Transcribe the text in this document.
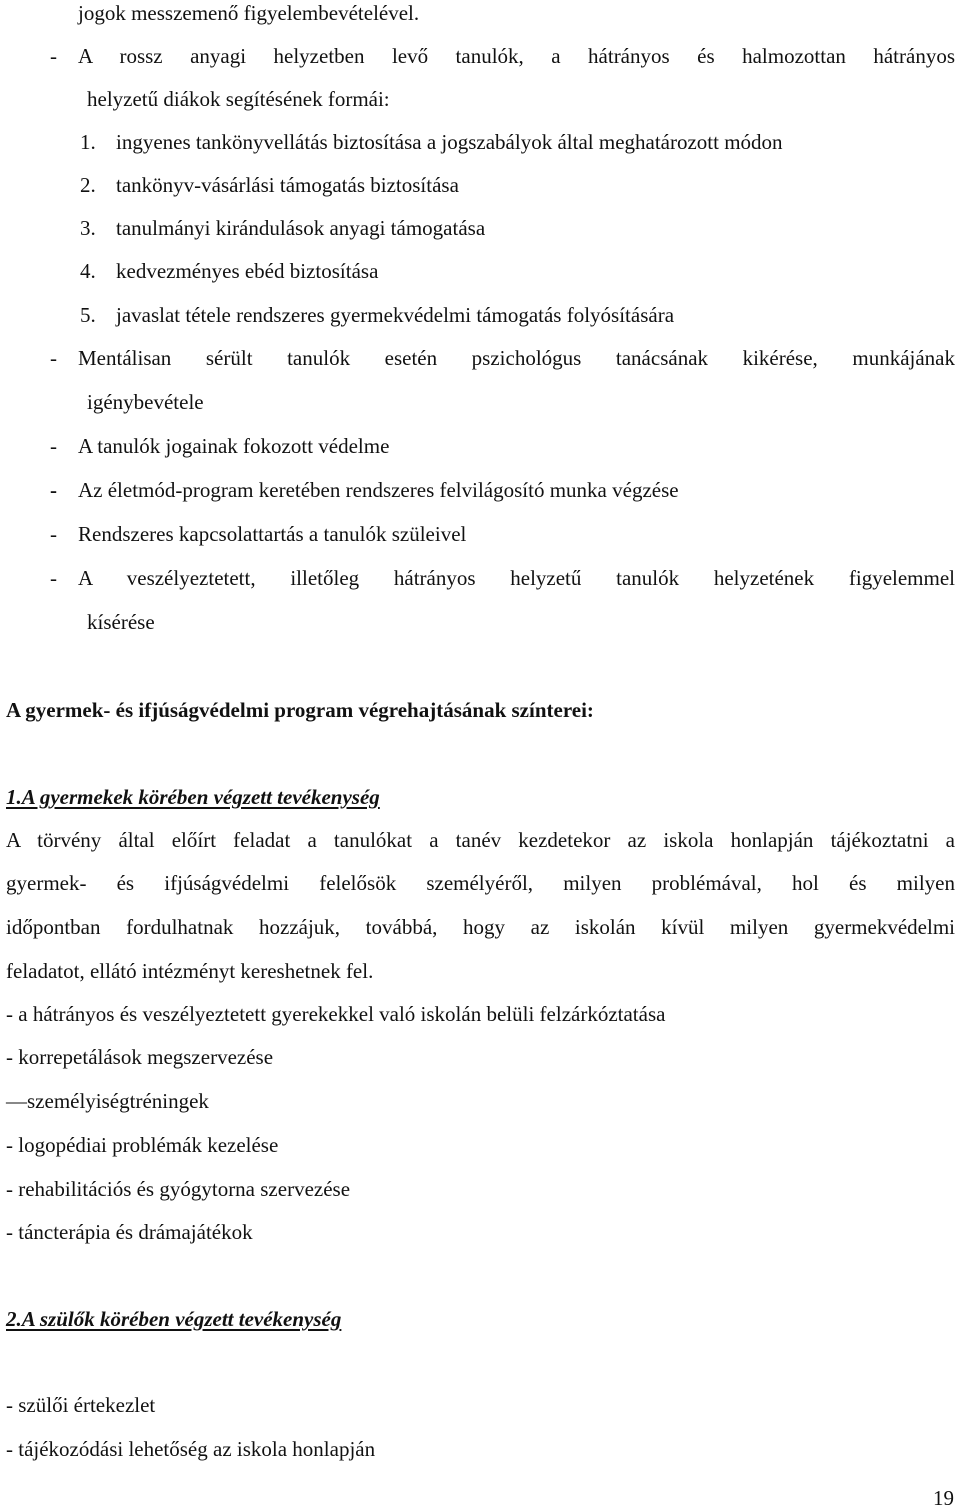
jogok messzemenő figyelembevételével.
- A rossz anyagi helyzetben levő tanulók, a hátrányos és halmozottan hátrányos
helyzetű diákok segítésének formái:
1. ingyenes tankönyvellátás biztosítása a jogszabályok által meghatározott módon
2. tankönyv-vásárlási támogatás biztosítása
3. tanulmányi kirándulások anyagi támogatása
4. kedvezményes ebéd biztosítása
5. javaslat tétele rendszeres gyermekvédelmi támogatás folyósítására
- Mentálisan sérült tanulók esetén pszichológus tanácsának kikérése, munkájának
igénybevétele
- A tanulók jogainak fokozott védelme
- Az életmód-program keretében rendszeres felvilágosító munka végzése
- Rendszeres kapcsolattartás a tanulók szüleivel
- A veszélyeztetett, illetőleg hátrányos helyzetű tanulók helyzetének figyelemmel
kísérése
A gyermek- és ifjúságvédelmi program végrehajtásának színterei:
1.A gyermekek körében végzett tevékenység
A törvény által előírt feladat a tanulókat a tanév kezdetekor az iskola honlapján tájékoztatni a
gyermek- és ifjúságvédelmi felelősök személyéről, milyen problémával, hol és milyen
időpontban fordulhatnak hozzájuk, továbbá, hogy az iskolán kívül milyen gyermekvédelmi
feladatot, ellátó intézményt kereshetnek fel.
- a hátrányos és veszélyeztetett gyerekekkel való iskolán belüli felzárkóztatása
- korrepetálások megszervezése
—személyiségtréningek
- logopédiai problémák kezelése
- rehabilitációs és gyógytorna szervezése
- táncterápia és drámajátékok
2.A szülők körében végzett tevékenység
- szülői értekezlet
- tájékozódási lehetőség az iskola honlapján
19
